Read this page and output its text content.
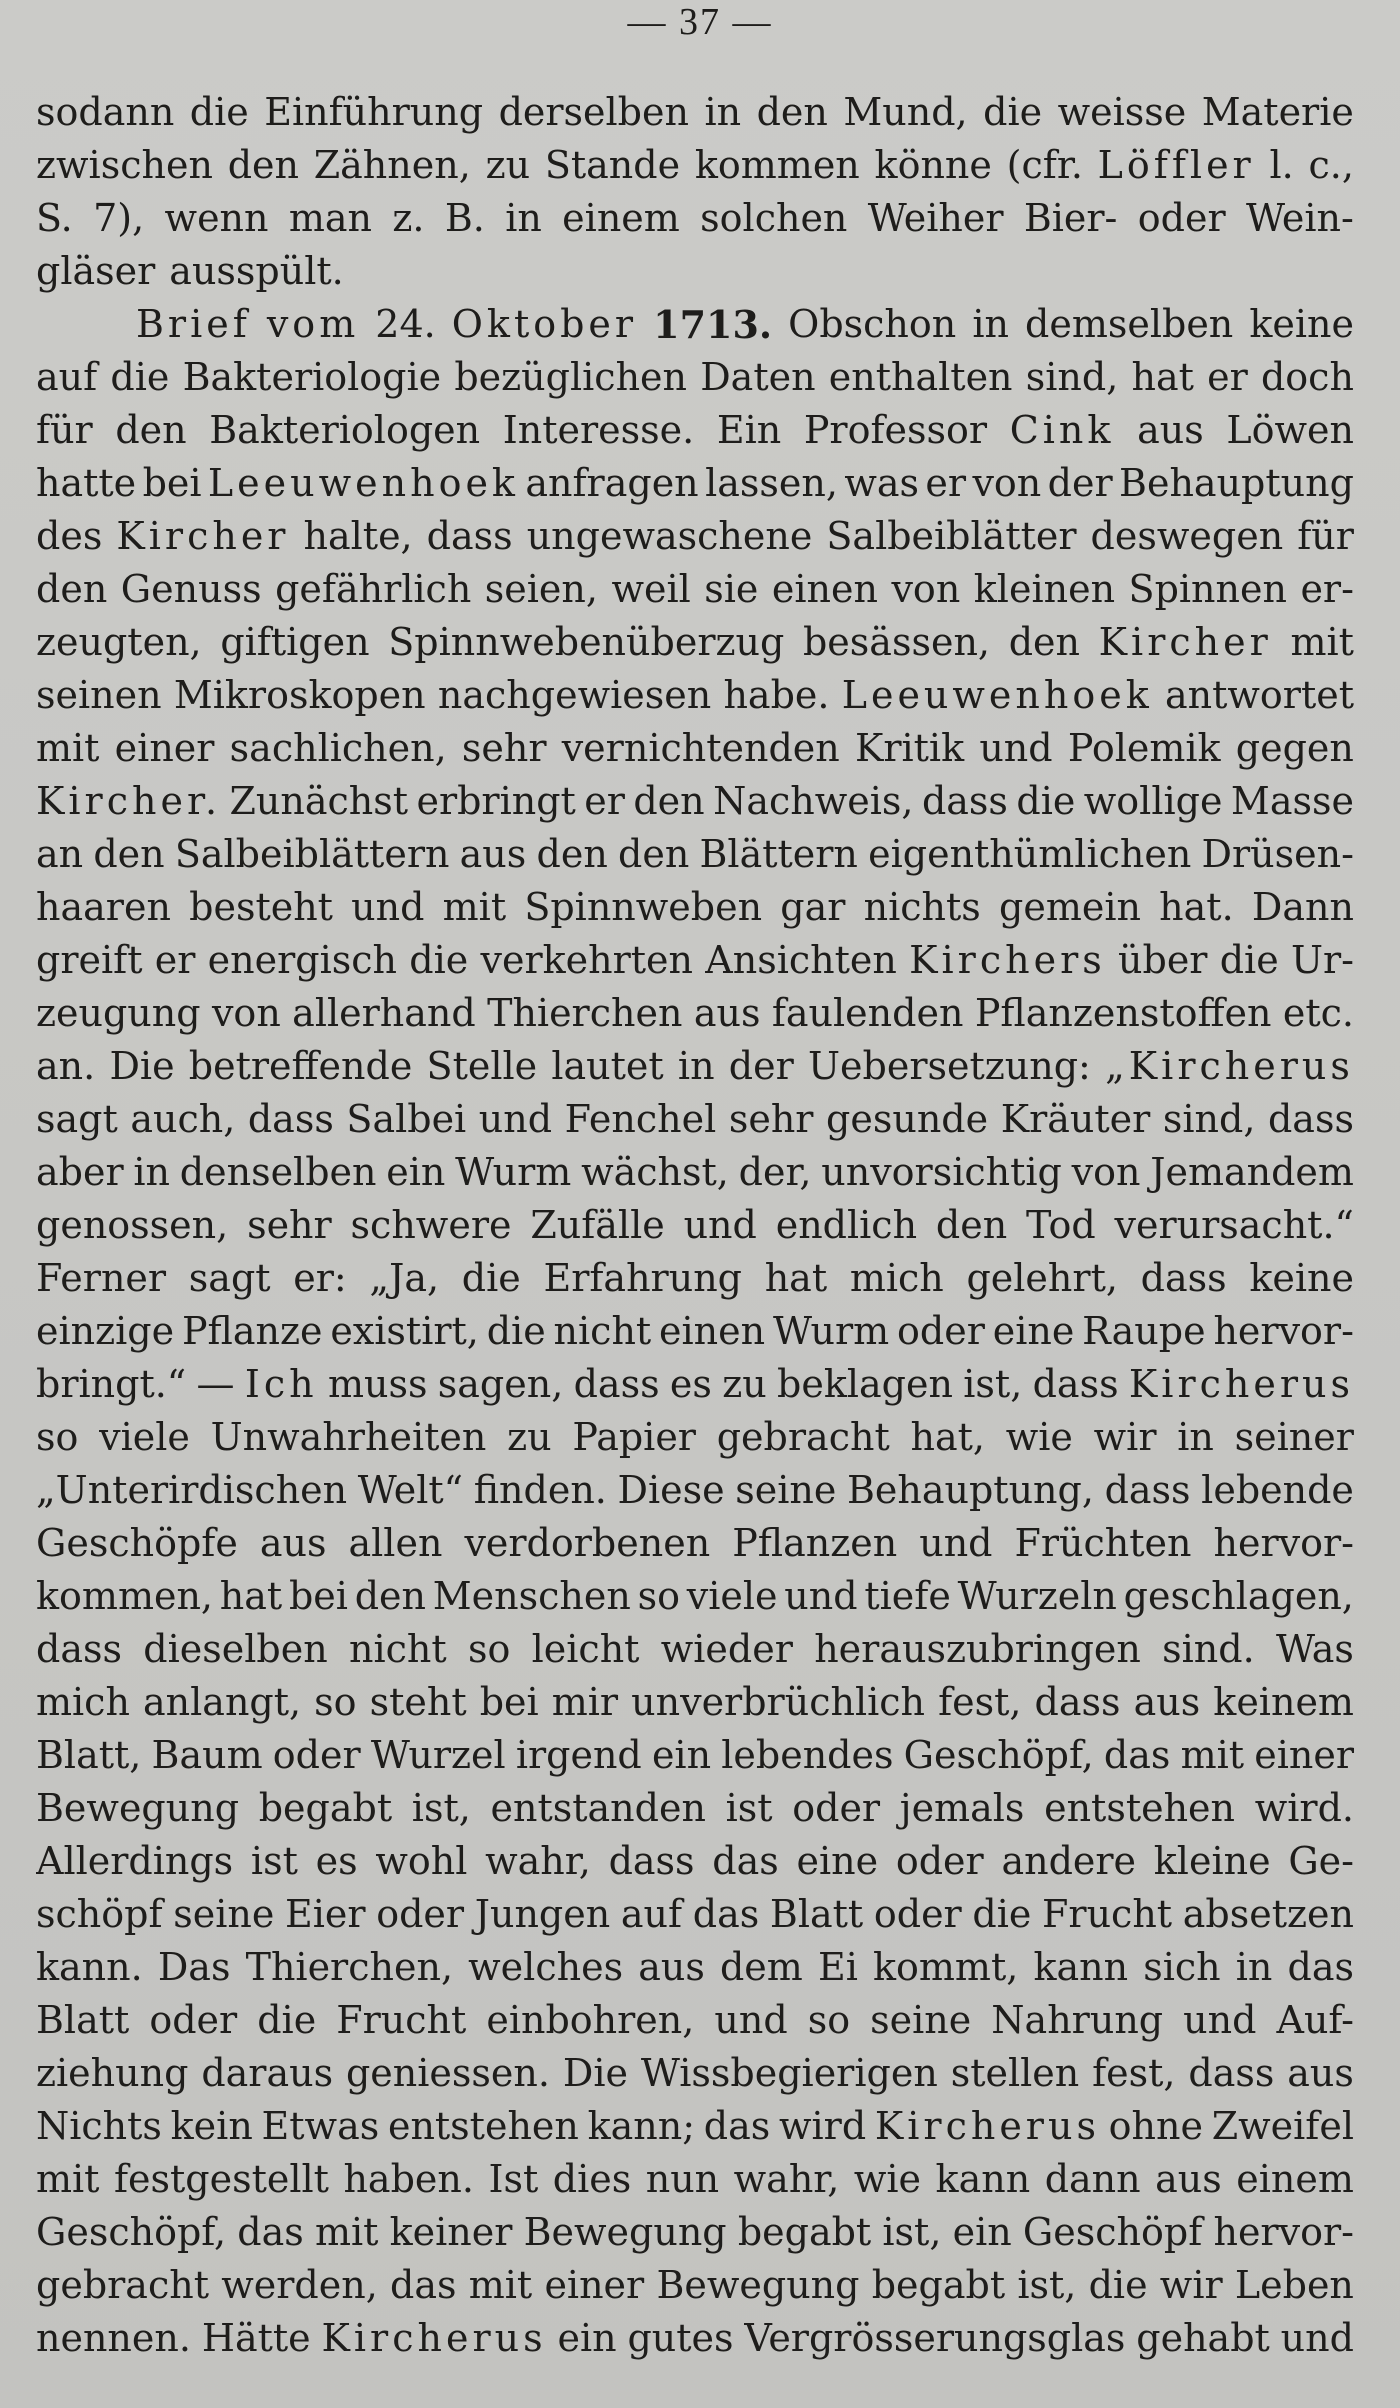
— 37 —
sodann die Einführung derselben in den Mund, die weisse Materie
zwischen den Zähnen, zu Stande kommen könne (cfr. Löffler l. c.,
S. 7), wenn man z. B. in einem solchen Weiher Bier- oder Wein-
gläser ausspült.
Brief vom 24. Oktober 1713. Obschon in demselben keine
auf die Bakteriologie bezüglichen Daten enthalten sind, hat er doch
für den Bakteriologen Interesse. Ein Professor Cink aus Löwen
hatte bei Leeuwenhoek anfragen lassen, was er von der Behauptung
des Kircher halte, dass ungewaschene Salbeiblätter deswegen für
den Genuss gefährlich seien, weil sie einen von kleinen Spinnen er-
zeugten, giftigen Spinnwebenüberzug besässen, den Kircher mit
seinen Mikroskopen nachgewiesen habe. Leeuwenhoek antwortet
mit einer sachlichen, sehr vernichtenden Kritik und Polemik gegen
Kircher. Zunächst erbringt er den Nachweis, dass die wollige Masse
an den Salbeiblättern aus den den Blättern eigenthümlichen Drüsen-
haaren besteht und mit Spinnweben gar nichts gemein hat. Dann
greift er energisch die verkehrten Ansichten Kirchers über die Ur-
zeugung von allerhand Thierchen aus faulenden Pflanzenstoffen etc.
an. Die betreffende Stelle lautet in der Uebersetzung: „Kircherus
sagt auch, dass Salbei und Fenchel sehr gesunde Kräuter sind, dass
aber in denselben ein Wurm wächst, der, unvorsichtig von Jemandem
genossen, sehr schwere Zufälle und endlich den Tod verursacht.“
Ferner sagt er: „Ja, die Erfahrung hat mich gelehrt, dass keine
einzige Pflanze existirt, die nicht einen Wurm oder eine Raupe hervor-
bringt.“ — Ich muss sagen, dass es zu beklagen ist, dass Kircherus
so viele Unwahrheiten zu Papier gebracht hat, wie wir in seiner
„Unterirdischen Welt“ finden. Diese seine Behauptung, dass lebende
Geschöpfe aus allen verdorbenen Pflanzen und Früchten hervor-
kommen, hat bei den Menschen so viele und tiefe Wurzeln geschlagen,
dass dieselben nicht so leicht wieder herauszubringen sind. Was
mich anlangt, so steht bei mir unverbrüchlich fest, dass aus keinem
Blatt, Baum oder Wurzel irgend ein lebendes Geschöpf, das mit einer
Bewegung begabt ist, entstanden ist oder jemals entstehen wird.
Allerdings ist es wohl wahr, dass das eine oder andere kleine Ge-
schöpf seine Eier oder Jungen auf das Blatt oder die Frucht absetzen
kann. Das Thierchen, welches aus dem Ei kommt, kann sich in das
Blatt oder die Frucht einbohren, und so seine Nahrung und Auf-
ziehung daraus geniessen. Die Wissbegierigen stellen fest, dass aus
Nichts kein Etwas entstehen kann; das wird Kircherus ohne Zweifel
mit festgestellt haben. Ist dies nun wahr, wie kann dann aus einem
Geschöpf, das mit keiner Bewegung begabt ist, ein Geschöpf hervor-
gebracht werden, das mit einer Bewegung begabt ist, die wir Leben
nennen. Hätte Kircherus ein gutes Vergrösserungsglas gehabt und
